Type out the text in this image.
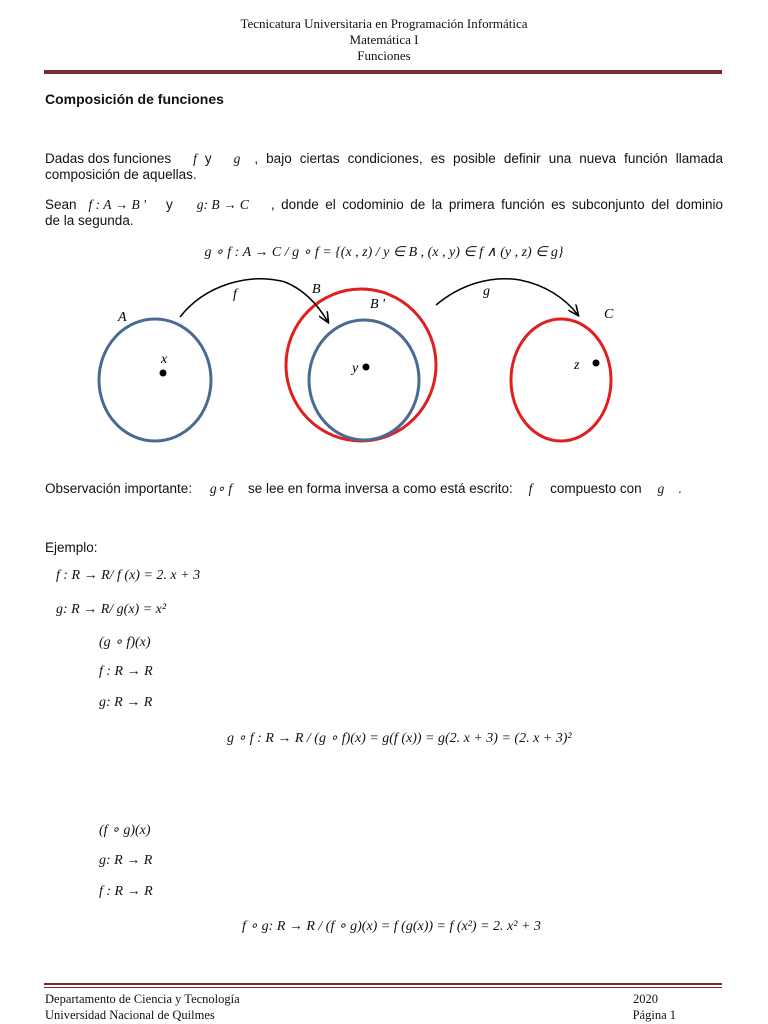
Tecnicatura Universitaria en Programación Informática
Matemática I
Funciones
Composición de funciones
Dadas dos funciones f y g , bajo ciertas condiciones, es posible definir una nueva función llamada
composición de aquellas.
Sean f : A → B ' y g: B → C , donde el codominio de la primera función es subconjunto del dominio
de la segunda.
g ∘ f : A → C / g ∘ f = {(x , z) / y ∈ B , (x , y) ∈ f ∧ (y , z) ∈ g}
A
B
B '
C
f	g
x
y	z
Observación importante: g∘ f se lee en forma inversa a como está escrito: f compuesto con g .
Ejemplo:
f : R → R/ f (x) = 2. x + 3
g: R → R/ g(x) = x²
(g ∘ f)(x)
f : R → R
g: R → R
g ∘ f : R → R / (g ∘ f)(x) = g(f (x)) = g(2. x + 3) = (2. x + 3)²
(f ∘ g)(x)
g: R → R
f : R → R
f ∘ g: R → R / (f ∘ g)(x) = f (g(x)) = f (x²) = 2. x² + 3
Departamento de Ciencia y Tecnología
Universidad Nacional de Quilmes
2020
Página 1
